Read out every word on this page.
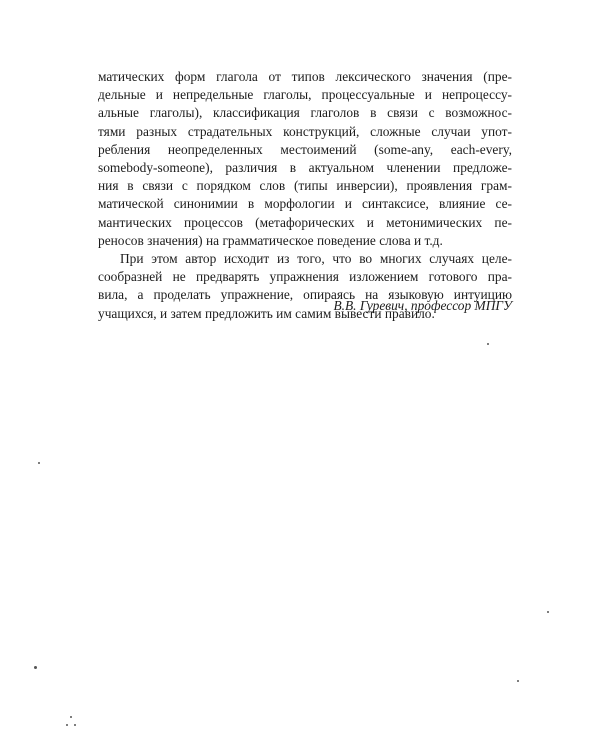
матических форм глагола от типов лексического значения (пре-
дельные и непредельные глаголы, процессуальные и непроцессу-
альные глаголы), классификация глаголов в связи с возможнос-
тями разных страдательных конструкций, сложные случаи упот-
ребления неопределенных местоимений (some-any, each-every,
somebody-someone), различия в актуальном членении предложе-
ния в связи с порядком слов (типы инверсии), проявления грам-
матической синонимии в морфологии и синтаксисе, влияние се-
мантических процессов (метафорических и метонимических пе-
реносов значения) на грамматическое поведение слова и т.д.
При этом автор исходит из того, что во многих случаях целе-
сообразней не предварять упражнения изложением готового пра-
вила, а проделать упражнение, опираясь на языковую интуицию
учащихся, и затем предложить им самим вывести правило.
В.В. Гуревич, профессор МПГУ
